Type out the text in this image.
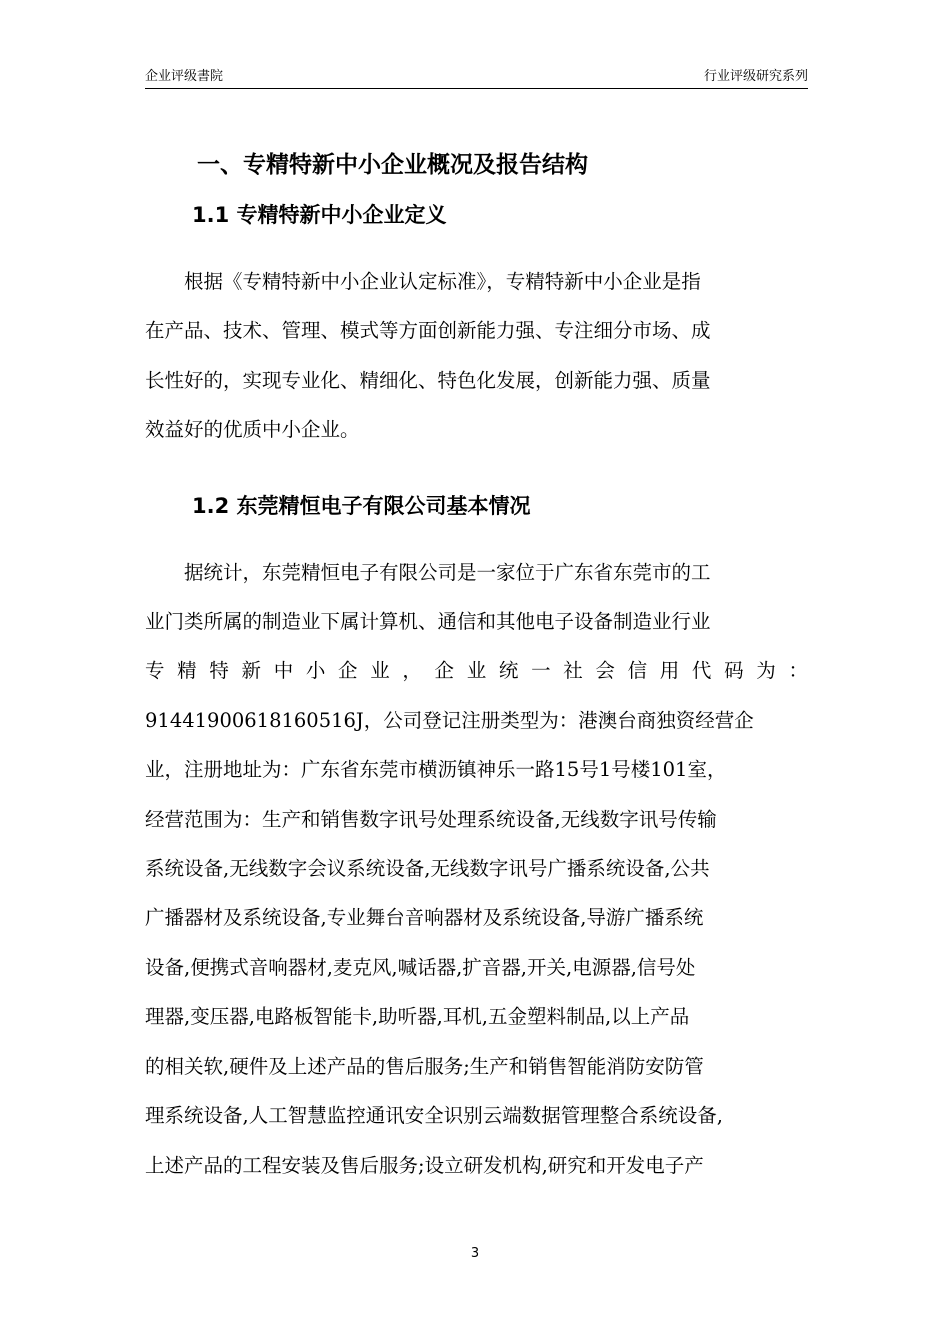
企业评级書院	行业评级研究系列
一、专精特新中小企业概况及报告结构
1.1 专精特新中小企业定义
根据《专精特新中小企业认定标准》，专精特新中小企业是指
在产品、技术、管理、模式等方面创新能力强、专注细分市场、成
长性好的，实现专业化、精细化、特色化发展，创新能力强、质量
效益好的优质中小企业。
1.2 东莞精恒电子有限公司基本情况
据统计，东莞精恒电子有限公司是一家位于广东省东莞市的工
业门类所属的制造业下属计算机、通信和其他电子设备制造业行业
专 精 特 新 中 小 企 业 ， 企 业 统 一 社 会 信 用 代 码 为 ：
91441900618160516J，公司登记注册类型为：港澳台商独资经营企
业，注册地址为：广东省东莞市横沥镇神乐一路15号1号楼101室，
经营范围为：生产和销售数字讯号处理系统设备,无线数字讯号传输
系统设备,无线数字会议系统设备,无线数字讯号广播系统设备,公共
广播器材及系统设备,专业舞台音响器材及系统设备,导游广播系统
设备,便携式音响器材,麦克风,喊话器,扩音器,开关,电源器,信号处
理器,变压器,电路板智能卡,助听器,耳机,五金塑料制品,以上产品
的相关软,硬件及上述产品的售后服务;生产和销售智能消防安防管
理系统设备,人工智慧监控通讯安全识别云端数据管理整合系统设备,
上述产品的工程安装及售后服务;设立研发机构,研究和开发电子产
3
